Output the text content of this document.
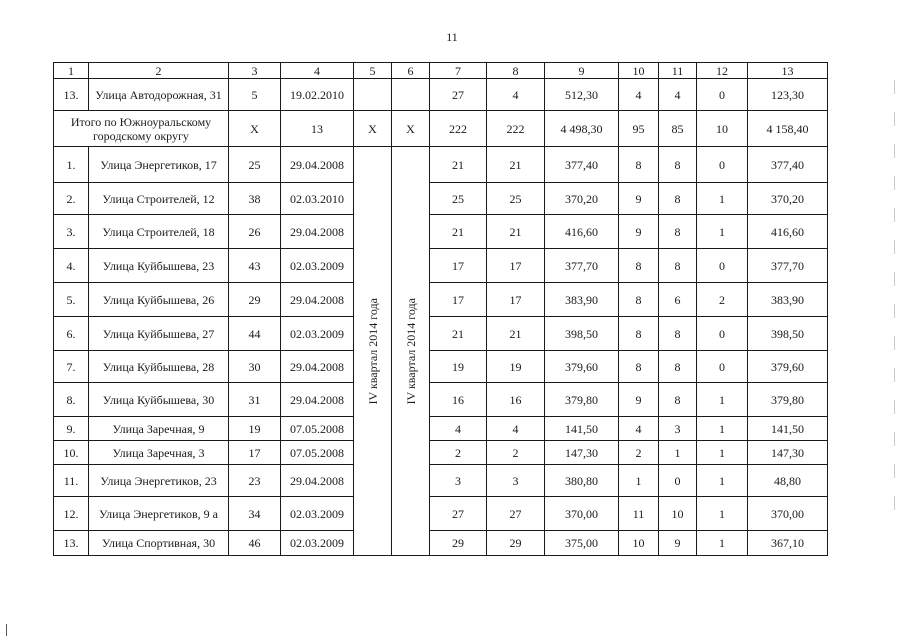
11
1	2	3	4	5	6	7	8	9	10	11	12	13
13.	Улица Автодорожная, 31	5	19.02.2010			27	4	512,30	4	4	0	123,30
Итого по Южноуральскому городскому округу		X	13	X	X	222	222	4 498,30	95	85	10	4 158,40
1.	Улица Энергетиков, 17	25	29.04.2008	IV квартал 2014 года	IV квартал 2014 года	21	21	377,40	8	8	0	377,40
2.	Улица Строителей, 12	38	02.03.2010			25	25	370,20	9	8	1	370,20
3.	Улица Строителей, 18	26	29.04.2008			21	21	416,60	9	8	1	416,60
4.	Улица Куйбышева, 23	43	02.03.2009			17	17	377,70	8	8	0	377,70
5.	Улица Куйбышева, 26	29	29.04.2008			17	17	383,90	8	6	2	383,90
6.	Улица Куйбышева, 27	44	02.03.2009			21	21	398,50	8	8	0	398,50
7.	Улица Куйбышева, 28	30	29.04.2008			19	19	379,60	8	8	0	379,60
8.	Улица Куйбышева, 30	31	29.04.2008			16	16	379,80	9	8	1	379,80
9.	Улица Заречная, 9	19	07.05.2008			4	4	141,50	4	3	1	141,50
10.	Улица Заречная, 3	17	07.05.2008			2	2	147,30	2	1	1	147,30
11.	Улица Энергетиков, 23	23	29.04.2008			3	3	380,80	1	0	1	48,80
12.	Улица Энергетиков, 9 а	34	02.03.2009			27	27	370,00	11	10	1	370,00
13.	Улица Спортивная, 30	46	02.03.2009			29	29	375,00	10	9	1	367,10
